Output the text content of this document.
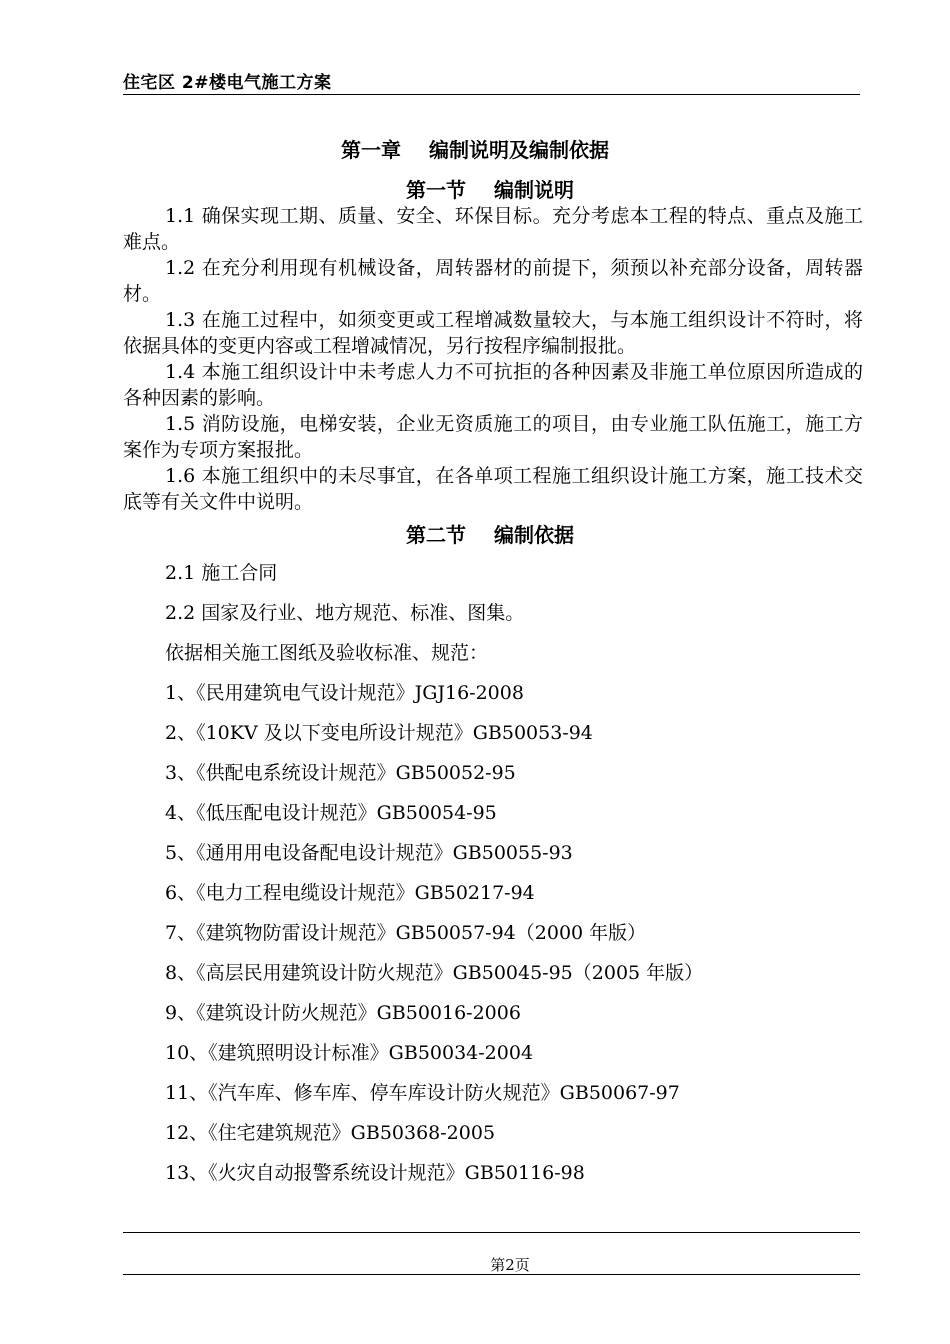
住宅区 2#楼电气施工方案
第一章 编制说明及编制依据
第一节 编制说明

1.1 确保实现工期、质量、安全、环保目标。充分考虑本工程的特点、重点及施工难点。

1.2 在充分利用现有机械设备，周转器材的前提下，须预以补充部分设备，周转器材。

1.3 在施工过程中，如须变更或工程增减数量较大，与本施工组织设计不符时，将依据具体的变更内容或工程增减情况，另行按程序编制报批。

1.4 本施工组织设计中未考虑人力不可抗拒的各种因素及非施工单位原因所造成的各种因素的影响。

1.5 消防设施，电梯安装，企业无资质施工的项目，由专业施工队伍施工，施工方案作为专项方案报批。

1.6 本施工组织中的未尽事宜，在各单项工程施工组织设计施工方案，施工技术交底等有关文件中说明。

第二节 编制依据

2.1 施工合同

2.2 国家及行业、地方规范、标准、图集。

依据相关施工图纸及验收标准、规范：

1、《民用建筑电气设计规范》JGJ16-2008

2、《10KV 及以下变电所设计规范》GB50053-94

3、《供配电系统设计规范》GB50052-95

4、《低压配电设计规范》GB50054-95

5、《通用用电设备配电设计规范》GB50055-93

6、《电力工程电缆设计规范》GB50217-94

7、《建筑物防雷设计规范》GB50057-94（2000 年版）

8、《高层民用建筑设计防火规范》GB50045-95（2005 年版）

9、《建筑设计防火规范》GB50016-2006

10、《建筑照明设计标准》GB50034-2004

11、《汽车库、修车库、停车库设计防火规范》GB50067-97

12、《住宅建筑规范》GB50368-2005

13、《火灾自动报警系统设计规范》GB50116-98

第2页
